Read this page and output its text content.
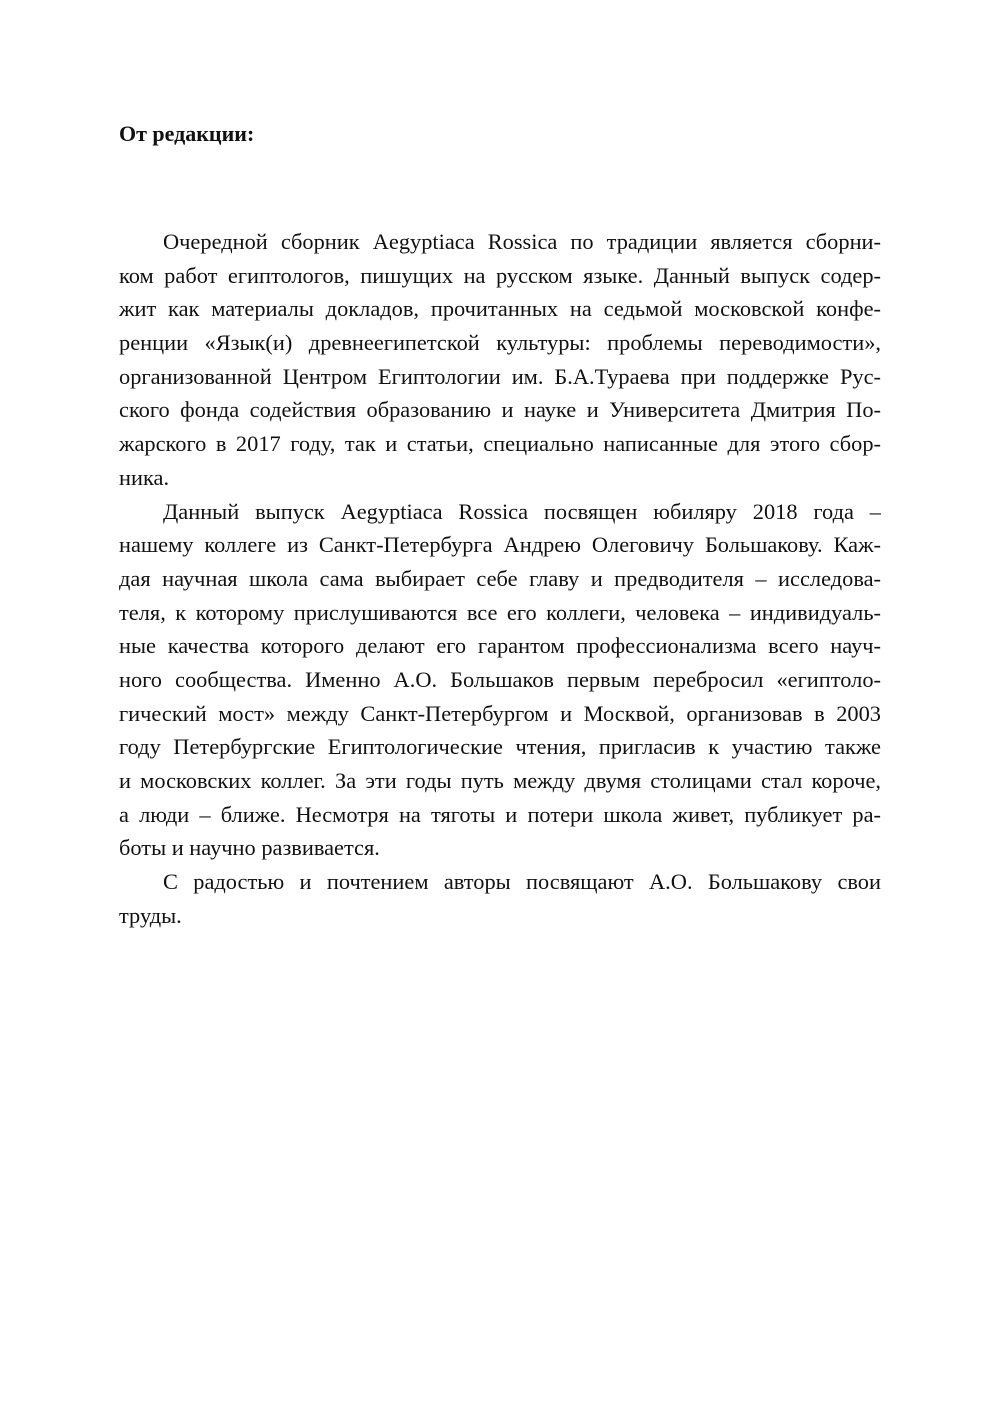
От редакции:
Очередной сборник Aegyptiaca Rossica по традиции является сборни-
ком работ египтологов, пишущих на русском языке. Данный выпуск содер-
жит как материалы докладов, прочитанных на седьмой московской конфе-
ренции «Язык(и) древнеегипетской культуры: проблемы переводимости»,
организованной Центром Египтологии им. Б.А.Тураева при поддержке Рус-
ского фонда содействия образованию и науке и Университета Дмитрия По-
жарского в 2017 году, так и статьи, специально написанные для этого сбор-
ника.
Данный выпуск Aegyptiaca Rossica посвящен юбиляру 2018 года –
нашему коллеге из Санкт-Петербурга Андрею Олеговичу Большакову. Каж-
дая научная школа сама выбирает себе главу и предводителя – исследова-
теля, к которому прислушиваются все его коллеги, человека – индивидуаль-
ные качества которого делают его гарантом профессионализма всего науч-
ного сообщества. Именно А.О. Большаков первым перебросил «египтоло-
гический мост» между Санкт-Петербургом и Москвой, организовав в 2003
году Петербургские Египтологические чтения, пригласив к участию также
и московских коллег. За эти годы путь между двумя столицами стал короче,
а люди – ближе. Несмотря на тяготы и потери школа живет, публикует ра-
боты и научно развивается.
С радостью и почтением авторы посвящают А.О. Большакову свои
труды.
